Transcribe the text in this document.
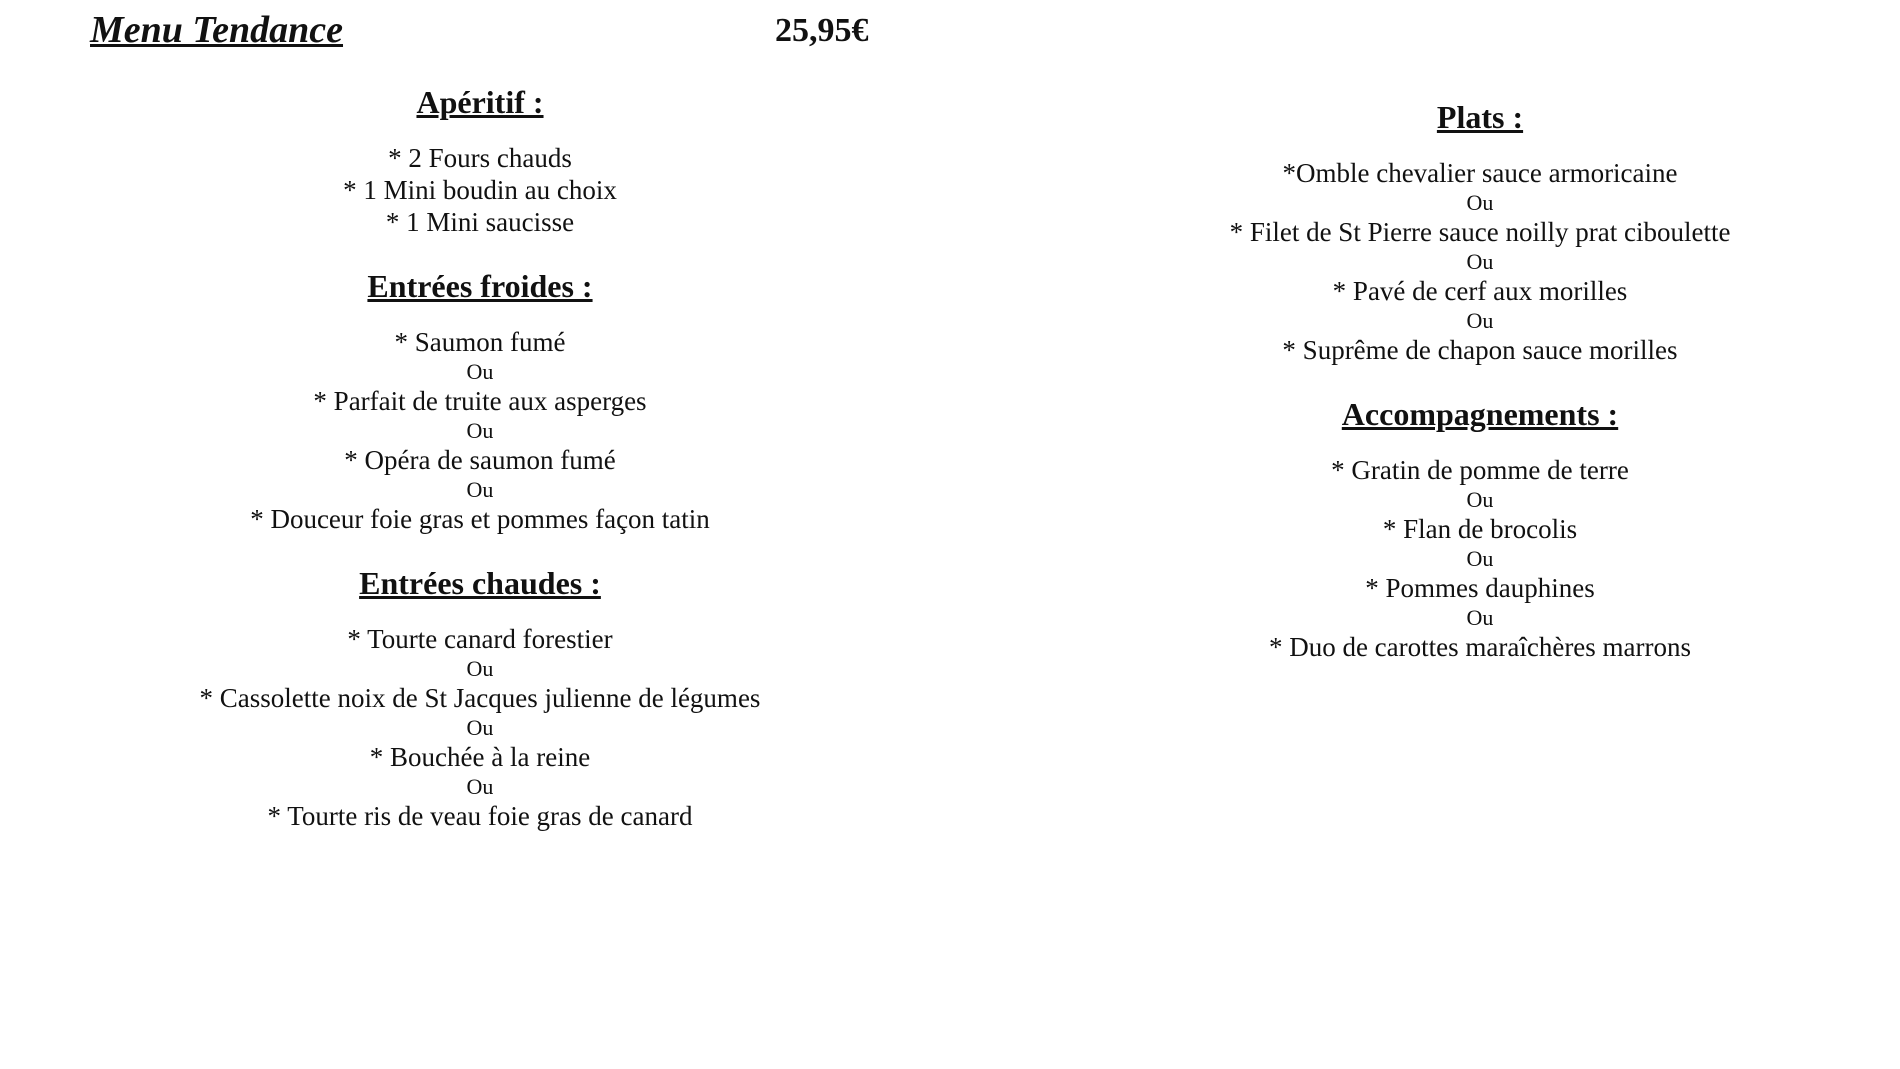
Menu Tendance	25,95€
Apéritif :
* 2 Fours chauds
* 1 Mini boudin au choix
* 1 Mini saucisse
Entrées froides :
* Saumon fumé
Ou
* Parfait de truite aux asperges
Ou
* Opéra de saumon fumé
Ou
* Douceur foie gras et pommes façon tatin
Entrées chaudes :
* Tourte canard forestier
Ou
* Cassolette noix de St Jacques julienne de légumes
Ou
* Bouchée à la reine
Ou
* Tourte ris de veau foie gras de canard
Plats :
*Omble chevalier sauce armoricaine
Ou
* Filet de St Pierre sauce noilly prat ciboulette
Ou
* Pavé de cerf aux morilles
Ou
* Suprême de chapon sauce morilles
Accompagnements :
* Gratin de pomme de terre
Ou
* Flan de brocolis
Ou
* Pommes dauphines
Ou
* Duo de carottes maraîchères marrons
